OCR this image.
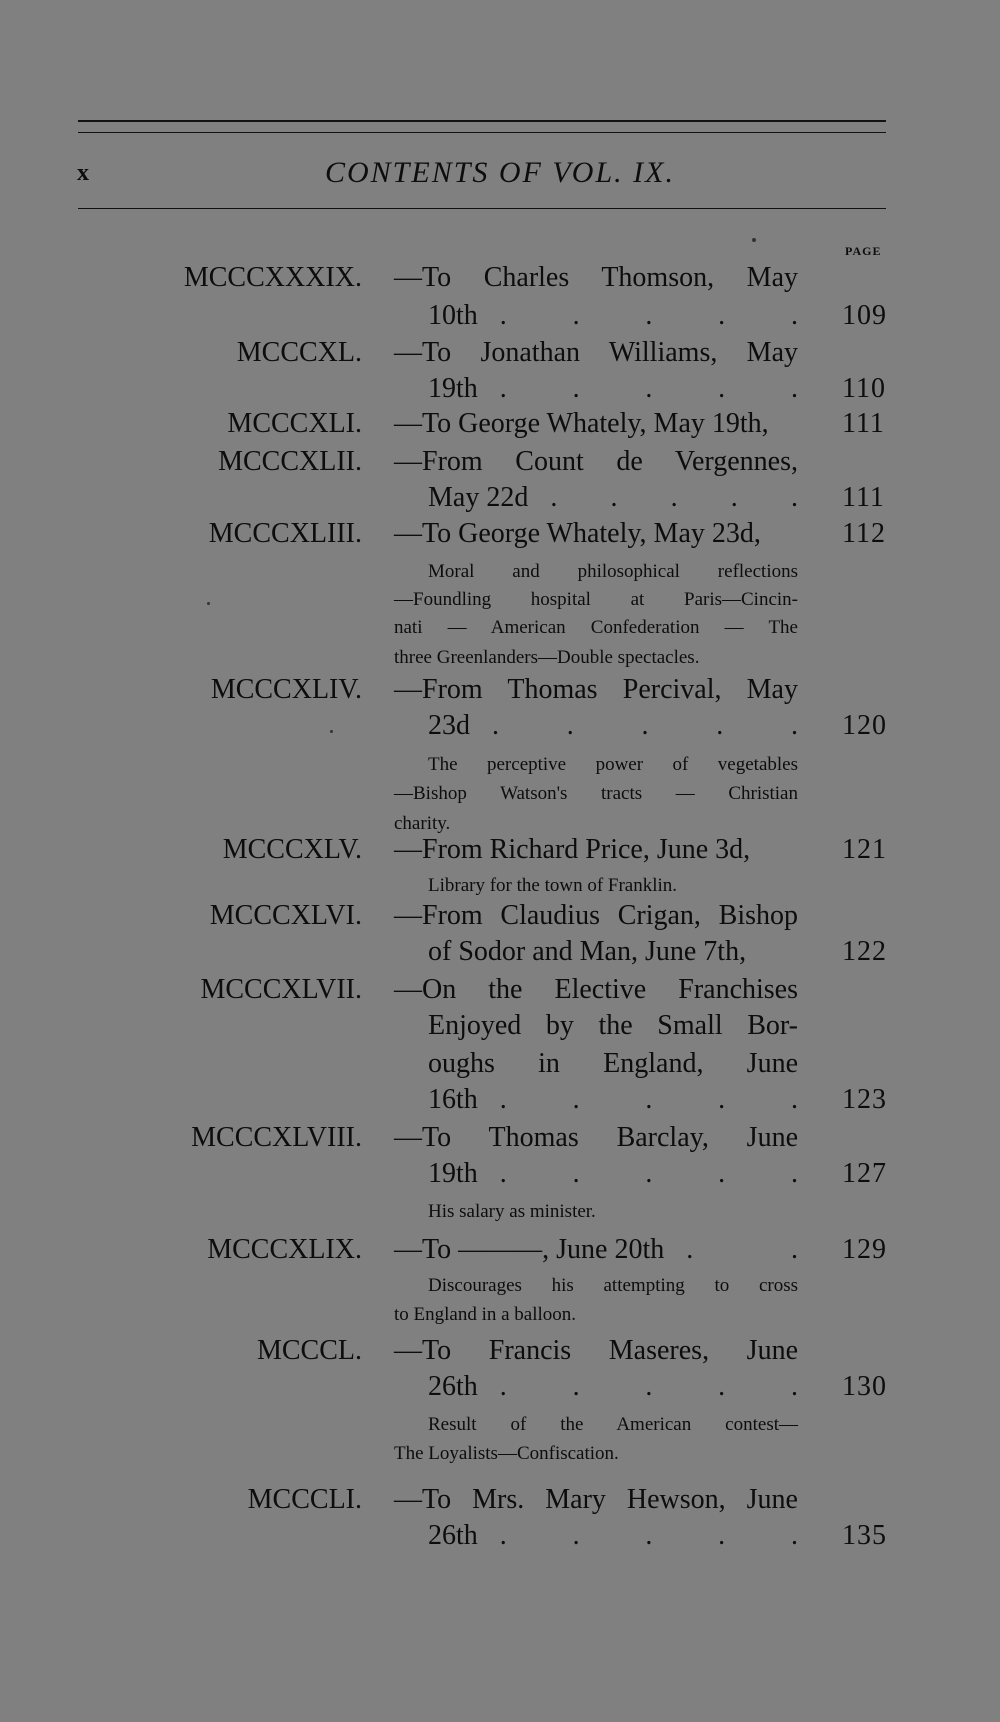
x	CONTENTS OF VOL. IX.
PAGE
MCCCXXXIX. —To Charles Thomson, May
10th . . . . . 109
MCCCXL. —To Jonathan Williams, May
19th . . . . . 110
MCCCXLI. —To George Whately, May 19th,	111
MCCCXLII. —From Count de Vergennes,
May 22d . . . . . 111
MCCCXLIII. —To George Whately, May 23d,	112
Moral and philosophical reflections
—Foundling hospital at Paris—Cincin-
nati — American Confederation — The
three Greenlanders—Double spectacles.
MCCCXLIV. —From Thomas Percival, May
23d . . . . . 120
The perceptive power of vegetables
—Bishop Watson's tracts — Christian
charity.
MCCCXLV. —From Richard Price, June 3d,	121
Library for the town of Franklin.
MCCCXLVI. —From Claudius Crigan, Bishop
of Sodor and Man, June 7th,	122
MCCCXLVII. —On the Elective Franchises
Enjoyed by the Small Bor-
oughs in England, June
16th . . . . . 123
MCCCXLVIII. —To Thomas Barclay, June
19th . . . . . 127
His salary as minister.
MCCCXLIX. —To ———, June 20th .	. 129
Discourages his attempting to cross
to England in a balloon.
MCCCL. —To Francis Maseres, June
26th . . . . . 130
Result of the American contest—
The Loyalists—Confiscation.
MCCCLI. —To Mrs. Mary Hewson, June
26th . . . . . 135
